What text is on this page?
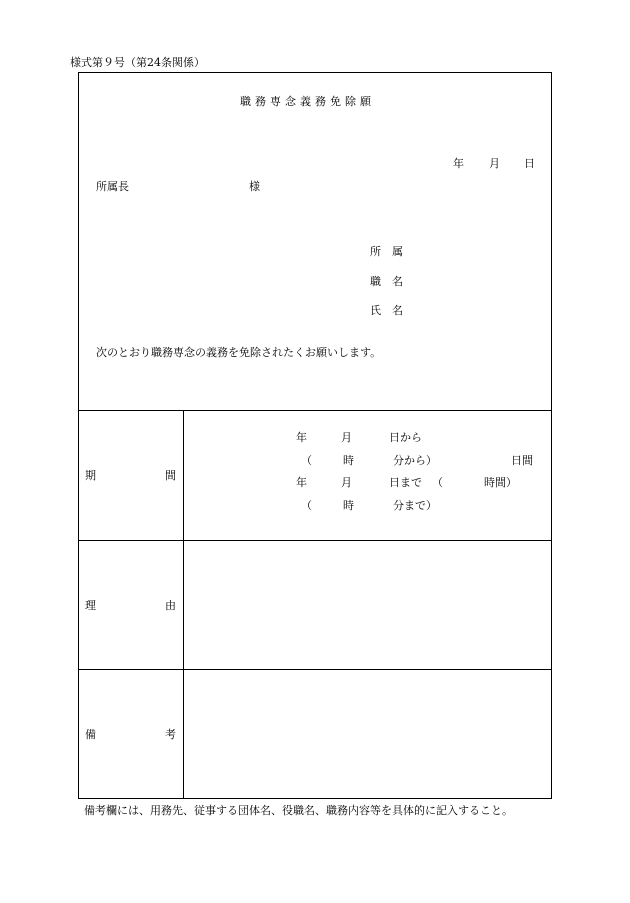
様式第９号（第24条関係）
職務専念義務免除願
年 月 日
所属長	様
所　属
職　名
氏　名
次のとおり職務専念の義務を免除されたくお願いします。
期	間
年	月	日から
（	時	分から）	日間
年	月	日まで （	時間）
（	時	分まで）
理	由
備	考
備考欄には、用務先、従事する団体名、役職名、職務内容等を具体的に記入すること。
